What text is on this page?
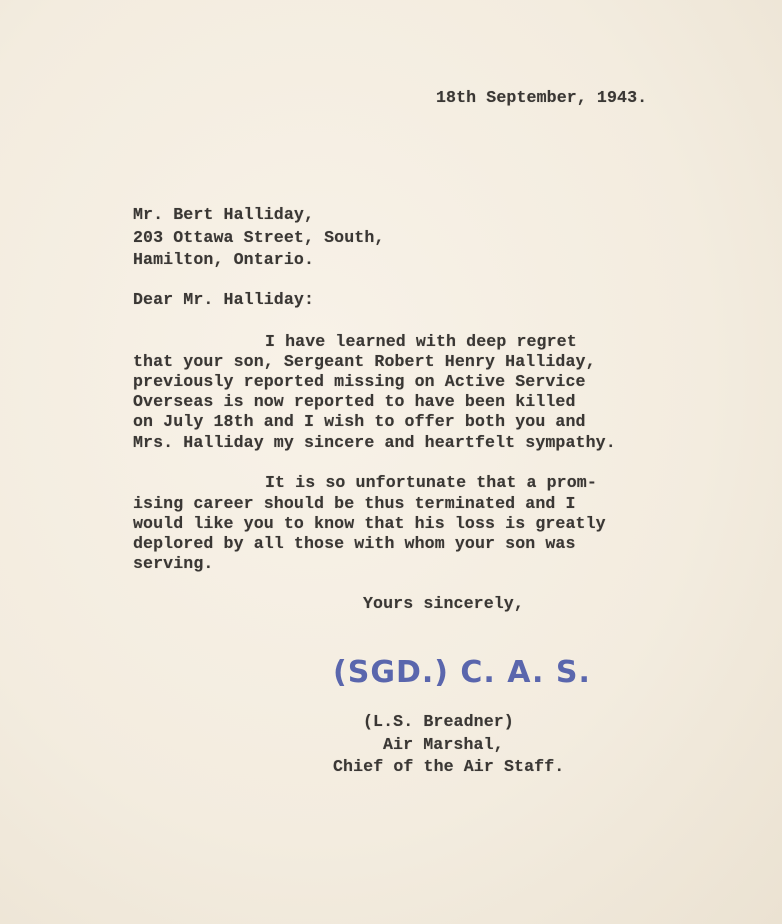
18th September, 1943.
Mr. Bert Halliday,
203 Ottawa Street, South,
Hamilton, Ontario.
Dear Mr. Halliday:
I have learned with deep regret
that your son, Sergeant Robert Henry Halliday,
previously reported missing on Active Service
Overseas is now reported to have been killed
on July 18th and I wish to offer both you and
Mrs. Halliday my sincere and heartfelt sympathy.
It is so unfortunate that a prom-
ising career should be thus terminated and I
would like you to know that his loss is greatly
deplored by all those with whom your son was
serving.
Yours sincerely,
(SGD.) C. A. S.
(L.S. Breadner)
Air Marshal,
Chief of the Air Staff.
